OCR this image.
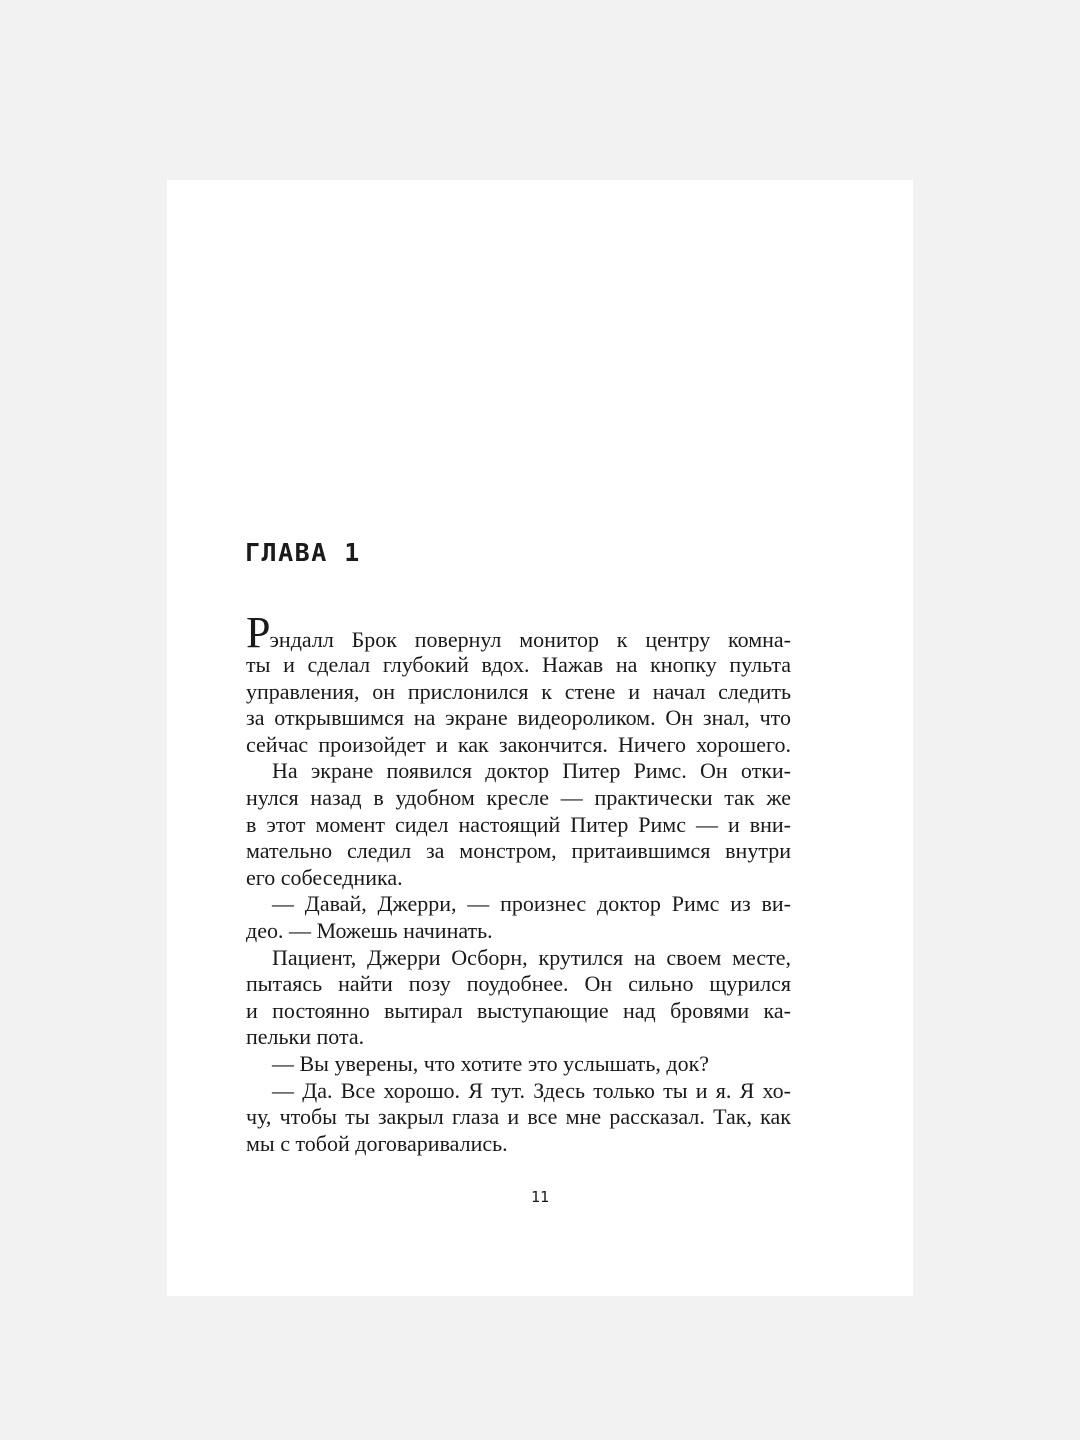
ГЛАВА 1
Рэндалл Брок повернул монитор к центру комна-
ты и сделал глубокий вдох. Нажав на кнопку пульта
управления, он прислонился к стене и начал следить
за открывшимся на экране видеороликом. Он знал, что
сейчас произойдет и как закончится. Ничего хорошего.
На экране появился доктор Питер Римс. Он отки-
нулся назад в удобном кресле — практически так же
в этот момент сидел настоящий Питер Римс — и вни-
мательно следил за монстром, притаившимся внутри
его собеседника.
— Давай, Джерри, — произнес доктор Римс из ви-
део. — Можешь начинать.
Пациент, Джерри Осборн, крутился на своем месте,
пытаясь найти позу поудобнее. Он сильно щурился
и постоянно вытирал выступающие над бровями ка-
пельки пота.
— Вы уверены, что хотите это услышать, док?
— Да. Все хорошо. Я тут. Здесь только ты и я. Я хо-
чу, чтобы ты закрыл глаза и все мне рассказал. Так, как
мы с тобой договаривались.
11
